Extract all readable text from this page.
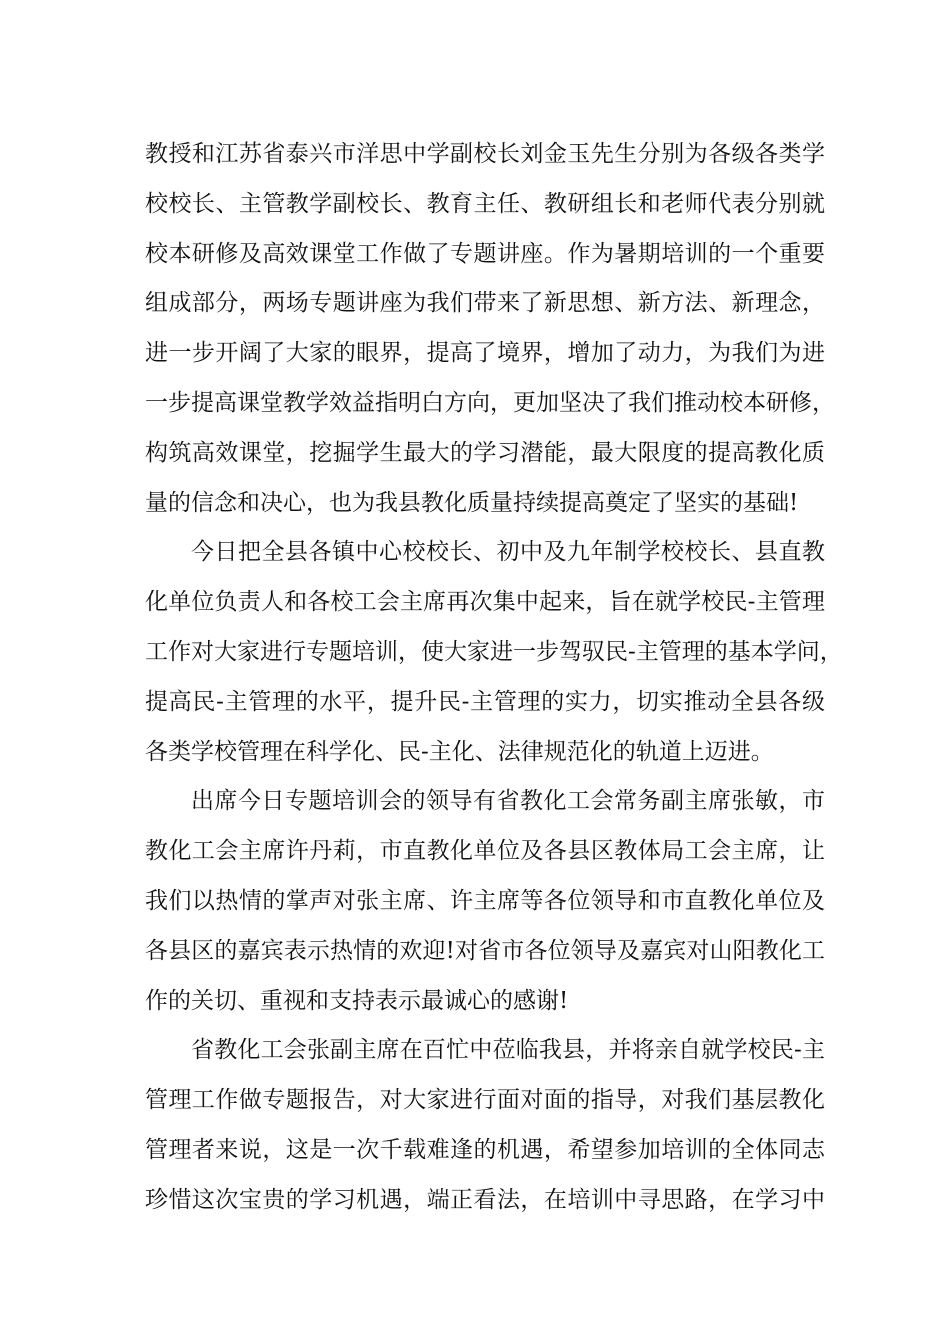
教授和江苏省泰兴市洋思中学副校长刘金玉先生分别为各级各类学
校校长、主管教学副校长、教育主任、教研组长和老师代表分别就
校本研修及高效课堂工作做了专题讲座。作为暑期培训的一个重要
组成部分，两场专题讲座为我们带来了新思想、新方法、新理念，
进一步开阔了大家的眼界，提高了境界，增加了动力，为我们为进
一步提高课堂教学效益指明白方向，更加坚决了我们推动校本研修，
构筑高效课堂，挖掘学生最大的学习潜能，最大限度的提高教化质
量的信念和决心，也为我县教化质量持续提高奠定了坚实的基础!
今日把全县各镇中心校校长、初中及九年制学校校长、县直教
化单位负责人和各校工会主席再次集中起来，旨在就学校民-主管理
工作对大家进行专题培训，使大家进一步驾驭民-主管理的基本学问，
提高民-主管理的水平，提升民-主管理的实力，切实推动全县各级
各类学校管理在科学化、民-主化、法律规范化的轨道上迈进。
出席今日专题培训会的领导有省教化工会常务副主席张敏，市
教化工会主席许丹莉，市直教化单位及各县区教体局工会主席，让
我们以热情的掌声对张主席、许主席等各位领导和市直教化单位及
各县区的嘉宾表示热情的欢迎!对省市各位领导及嘉宾对山阳教化工
作的关切、重视和支持表示最诚心的感谢!
省教化工会张副主席在百忙中莅临我县，并将亲自就学校民-主
管理工作做专题报告，对大家进行面对面的指导，对我们基层教化
管理者来说，这是一次千载难逢的机遇，希望参加培训的全体同志
珍惜这次宝贵的学习机遇，端正看法，在培训中寻思路，在学习中
